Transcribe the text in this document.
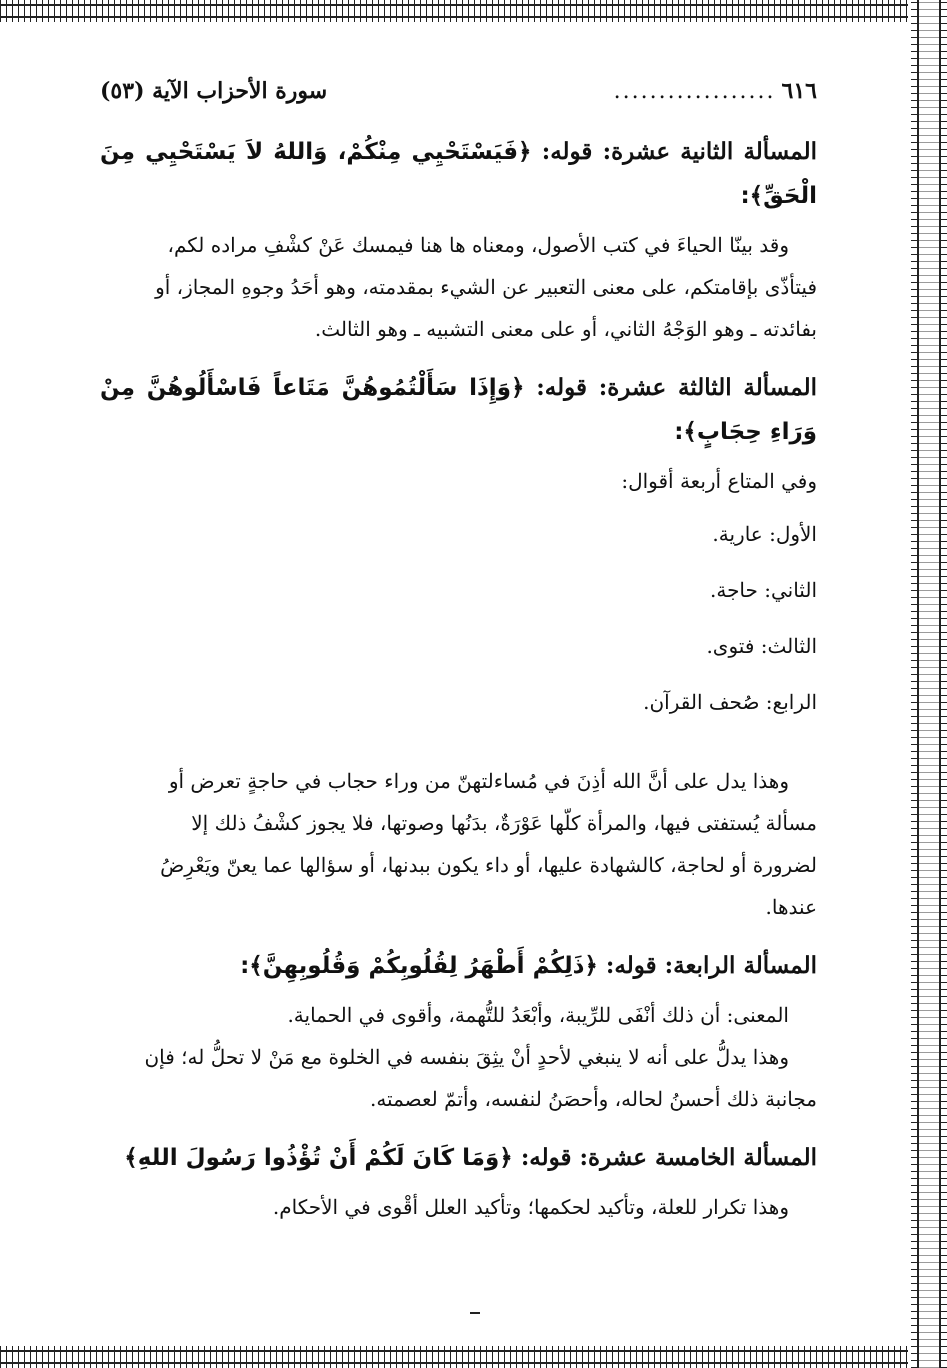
٦١٦
..................
سورة الأحزاب الآية (٥٣)
المسألة الثانية عشرة: قوله: ﴿فَيَسْتَحْيِي مِنْكُمْ، وَاللهُ لاَ يَسْتَحْيِي مِنَ الْحَقِّ﴾:

وقد بينّا الحياءَ في كتب الأصول، ومعناه ها هنا فيمسك عَنْ كشْفِ مراده لكم،

فيتأذّى بإقامتكم، على معنى التعبير عن الشيء بمقدمته، وهو أحَدُ وجوهِ المجاز، أو

بفائدته ـ وهو الوَجْهُ الثاني، أو على معنى التشبيه ـ وهو الثالث.

المسألة الثالثة عشرة: قوله: ﴿وَإِذَا سَأَلْتُمُوهُنَّ مَتَاعاً فَاسْأَلُوهُنَّ مِنْ وَرَاءِ حِجَابٍ﴾:

وفي المتاع أربعة أقوال:

الأول: عارية.
الثاني: حاجة.
الثالث: فتوى.
الرابع: صُحف القرآن.

وهذا يدل على أنَّ الله أذِنَ في مُساءلتهنّ من وراء حجاب في حاجةٍ تعرض أو

مسألة يُستفتى فيها، والمرأة كلّها عَوْرَةٌ، بدَنُها وصوتها، فلا يجوز كشْفُ ذلك إلا

لضرورة أو لحاجة، كالشهادة عليها، أو داء يكون ببدنها، أو سؤالها عما يعنّ ويَعْرِضُ

عندها.

المسألة الرابعة: قوله: ﴿ذَلِكُمْ أَطْهَرُ لِقُلُوبِكُمْ وَقُلُوبِهِنَّ﴾:

المعنى: أن ذلك أنْفَى للرِّيبة، وأبْعَدُ للتُّهمة، وأقوى في الحماية.

وهذا يدلُّ على أنه لا ينبغي لأحدٍ أنْ يثِقَ بنفسه في الخلوة مع مَنْ لا تحلُّ له؛ فإن

مجانبة ذلك أحسنُ لحاله، وأحصَنُ لنفسه، وأتمّ لعصمته.

المسألة الخامسة عشرة: قوله: ﴿وَمَا كَانَ لَكُمْ أَنْ تُؤْذُوا رَسُولَ اللهِ﴾

وهذا تكرار للعلة، وتأكيد لحكمها؛ وتأكيد العلل أقْوى في الأحكام.
